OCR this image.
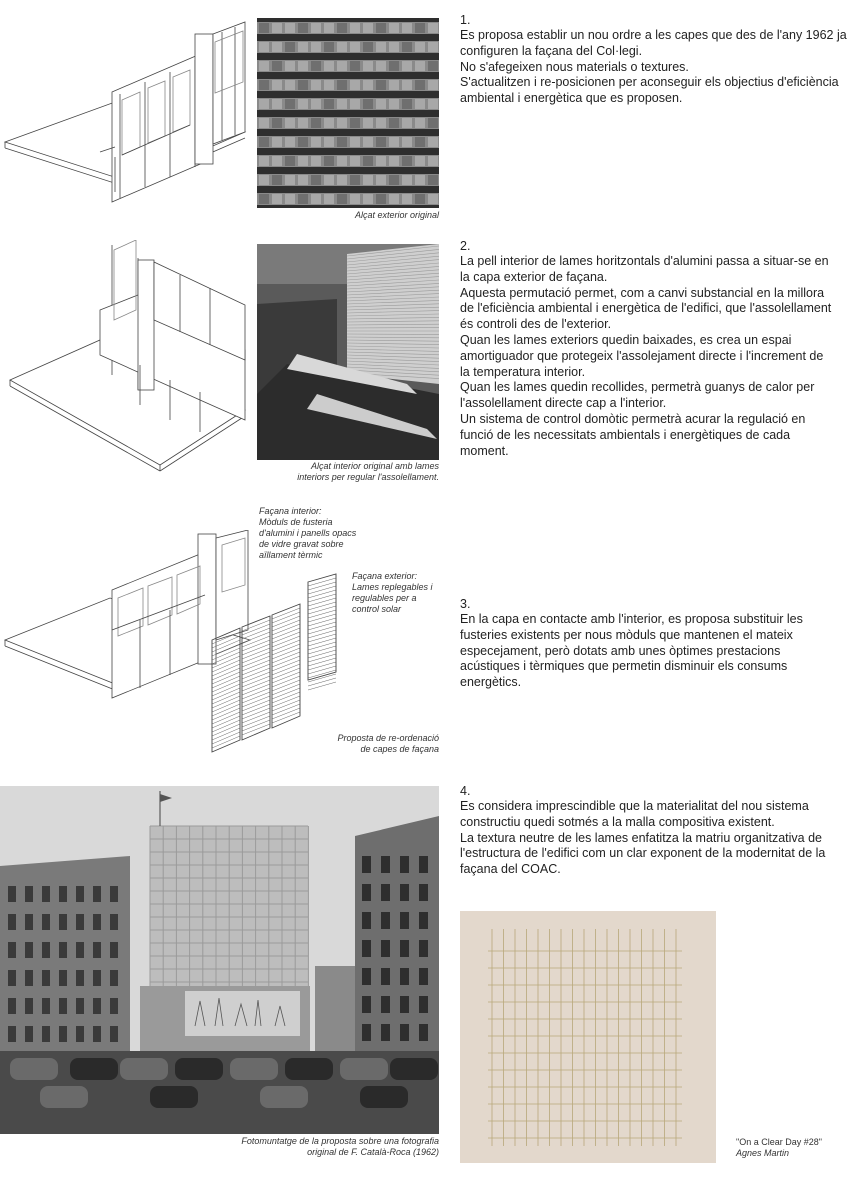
Alçat exterior original
1.

Es proposa establir un nou ordre a les capes que des de l'any 1962 ja

configuren la façana del Col·legi.

No s'afegeixen nous materials o textures.

S'actualitzen i re-posicionen per aconseguir els objectius d'eficiència

ambiental i energètica que es proposen.

Alçat interior original amb lames
interiors per regular l'assolellament.
2.

La pell interior de lames horitzontals d'alumini passa a situar-se en

la capa exterior de façana.

Aquesta permutació permet, com a canvi substancial en la millora

de l'eficiència ambiental i energètica de l'edifici, que l'assolellament

és controli des de l'exterior.

Quan les lames exteriors quedin baixades, es crea un espai

amortiguador que protegeix l'assolejament directe i l'increment de

la temperatura interior.

Quan les lames quedin recollides, permetrà guanys de calor per

l'assolellament directe cap a l'interior.

Un sistema de control domòtic permetrà acurar la regulació en

funció de les necessitats ambientals i energètiques de cada

moment.

Façana interior:
Mòduls de fusteria
d'alumini i panells opacs
de vidre gravat sobre
aïllament tèrmic
Façana exterior:
Lames replegables i
regulables per a
control solar
Proposta de re-ordenació
de capes de façana
3.

En la capa en contacte amb l'interior, es proposa substituir les

fusteries existents per nous mòduls que mantenen el mateix

especejament, però dotats amb unes òptimes prestacions

acústiques i tèrmiques que permetin disminuir els consums

energètics.

Fotomuntatge de la proposta sobre una fotografia
original de F. Català-Roca (1962)
4.

Es considera imprescindible que la materialitat del nou sistema

constructiu quedi sotmés a la malla compositiva existent.

La textura neutre de les lames enfatitza la matriu organitzativa de

l'estructura de l'edifici com un clar exponent de la modernitat de la

façana del COAC.

"On a Clear Day #28"
Agnes Martin
